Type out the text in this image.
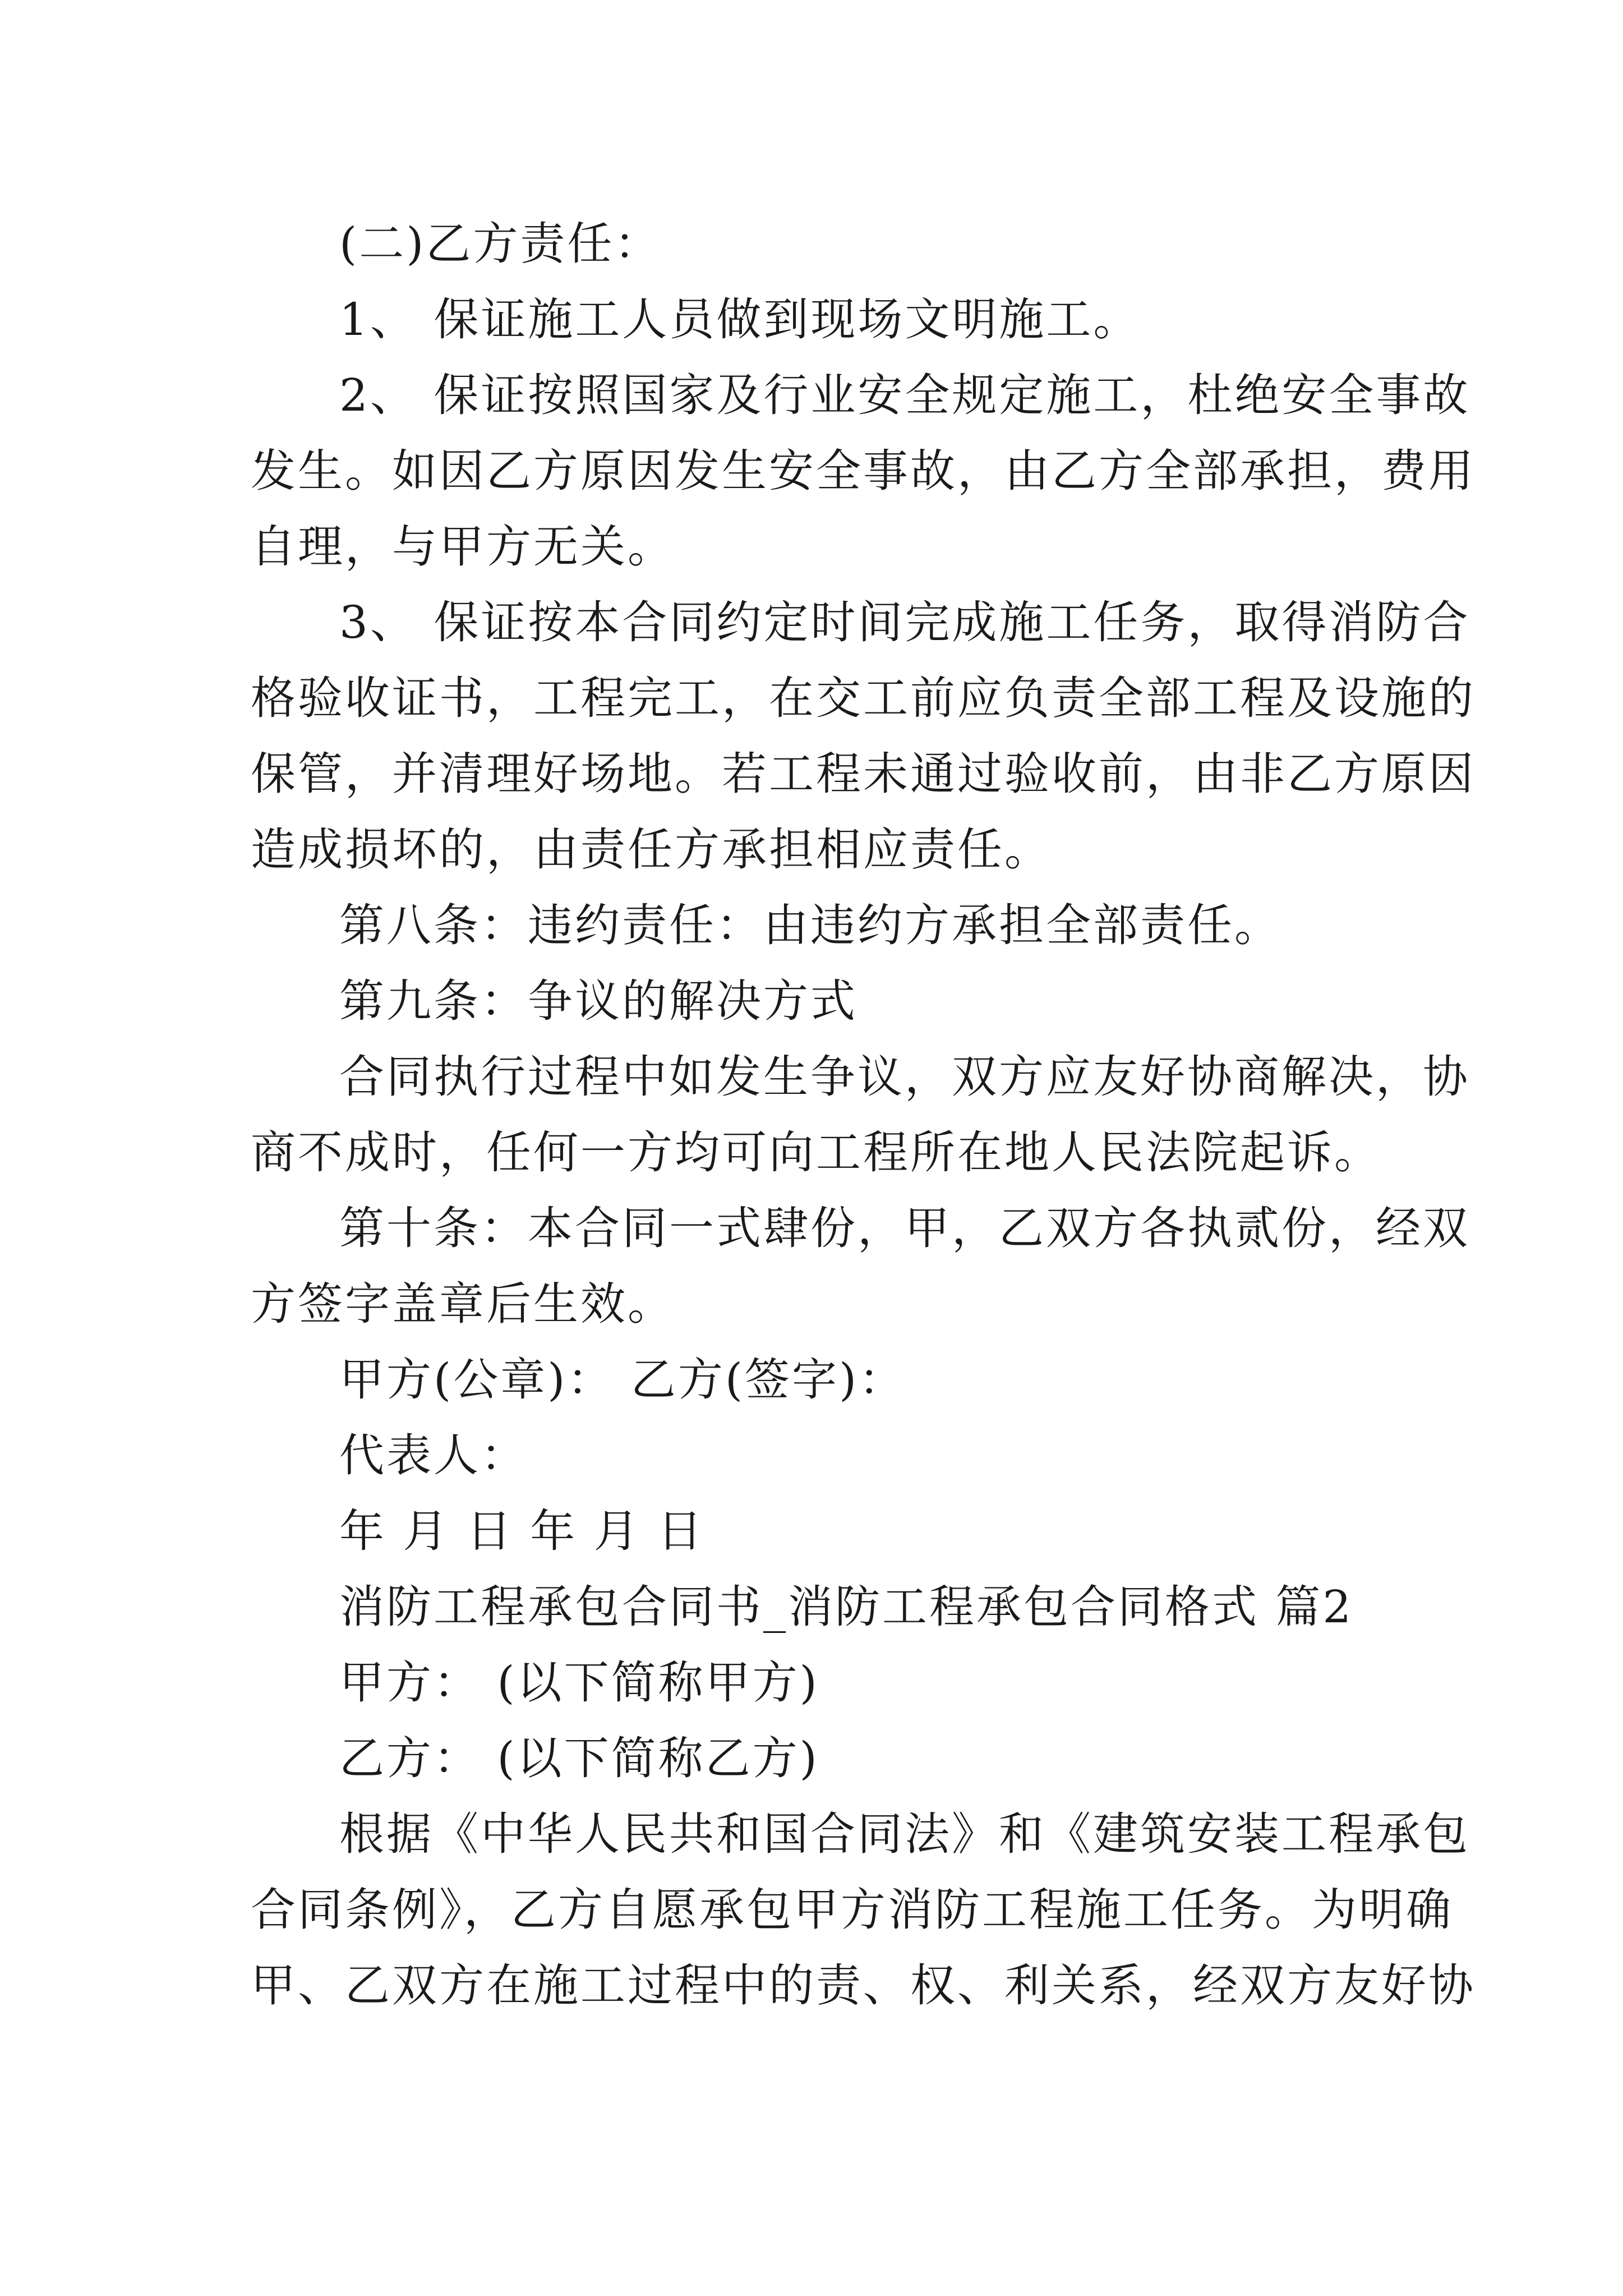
(二)乙方责任：
1、 保证施工人员做到现场文明施工。
2、 保证按照国家及行业安全规定施工，杜绝安全事故
发生。如因乙方原因发生安全事故，由乙方全部承担，费用
自理，与甲方无关。
3、 保证按本合同约定时间完成施工任务，取得消防合
格验收证书，工程完工，在交工前应负责全部工程及设施的
保管，并清理好场地。若工程未通过验收前，由非乙方原因
造成损坏的，由责任方承担相应责任。
第八条：违约责任：由违约方承担全部责任。
第九条：争议的解决方式
合同执行过程中如发生争议，双方应友好协商解决，协
商不成时，任何一方均可向工程所在地人民法院起诉。
第十条：本合同一式肆份，甲，乙双方各执贰份，经双
方签字盖章后生效。
甲方(公章)： 乙方(签字)：
代表人：
年 月 日 年 月 日
消防工程承包合同书_消防工程承包合同格式 篇2
甲方： (以下简称甲方)
乙方： (以下简称乙方)
根据《中华人民共和国合同法》和《建筑安装工程承包
合同条例》，乙方自愿承包甲方消防工程施工任务。为明确
甲、乙双方在施工过程中的责、权、利关系，经双方友好协
